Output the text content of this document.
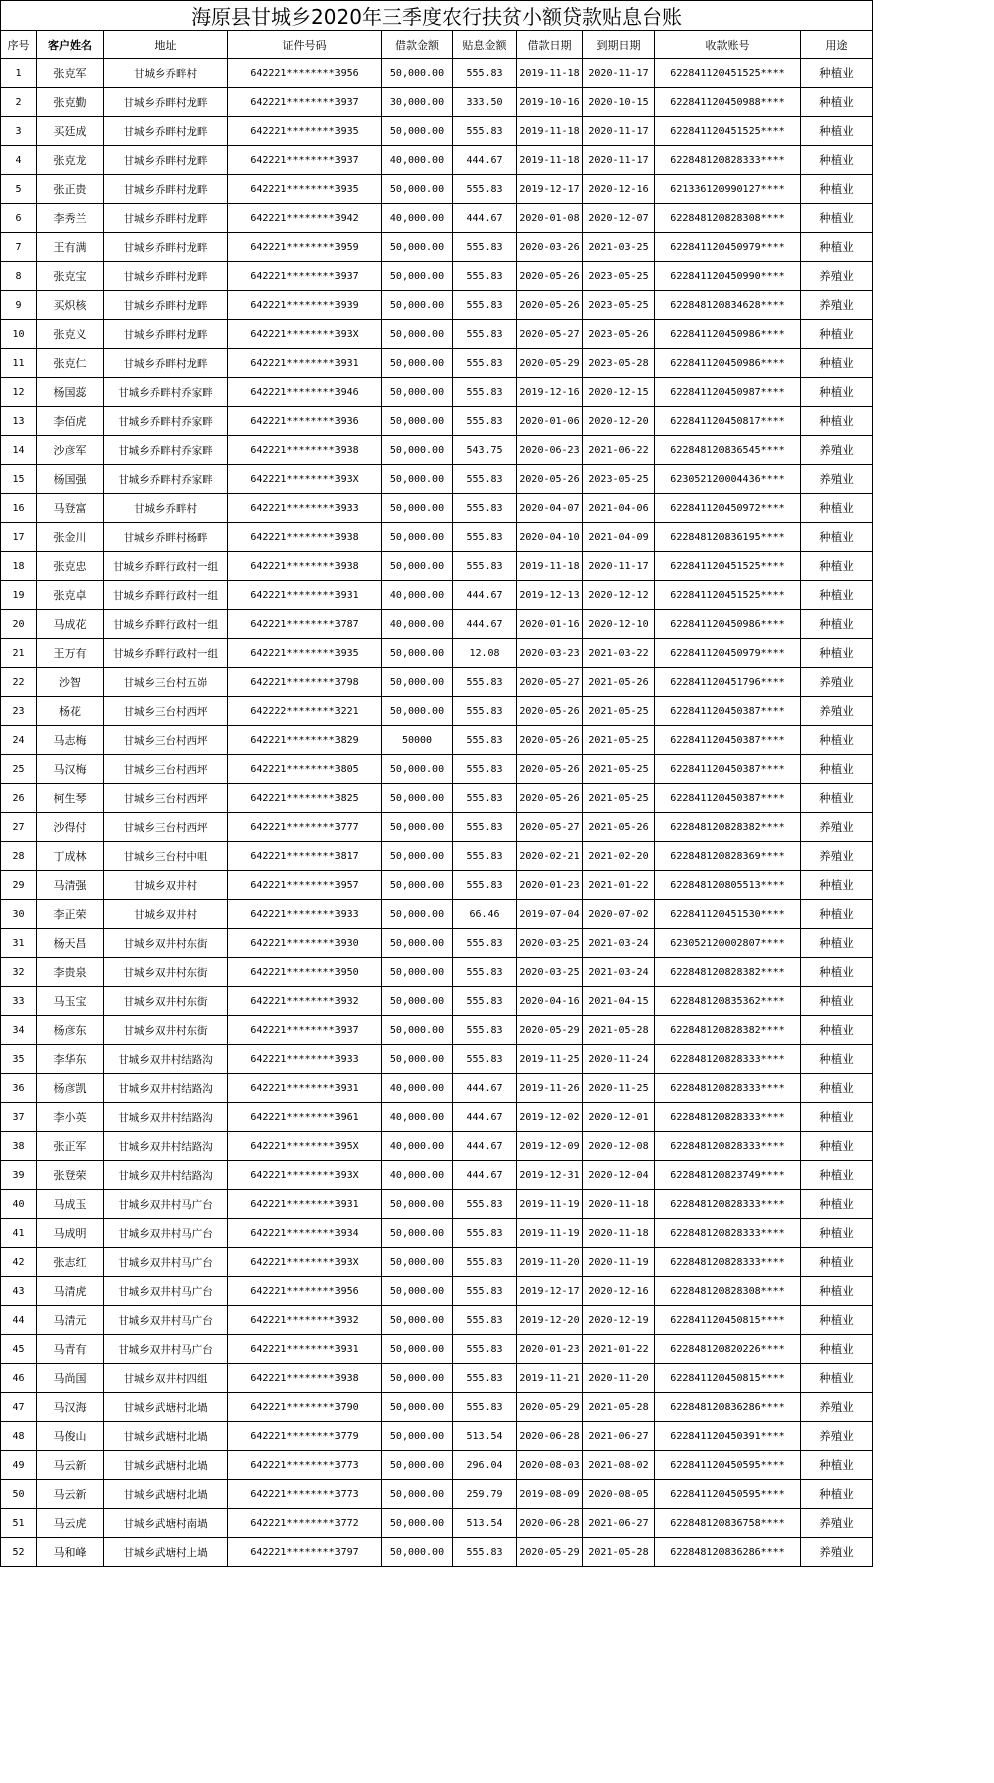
海原县甘城乡2020年三季度农行扶贫小额贷款贴息台账									
序号	客户姓名	地址	证件号码	借款金额	贴息金额	借款日期	到期日期	收款账号	用途
1	张克军	甘城乡乔畔村	642221********3956	50,000.00	555.83	2019-11-18	2020-11-17	622841120451525****	种植业
2	张克勤	甘城乡乔畔村龙畔	642221********3937	30,000.00	333.50	2019-10-16	2020-10-15	622841120450988****	种植业
3	买廷成	甘城乡乔畔村龙畔	642221********3935	50,000.00	555.83	2019-11-18	2020-11-17	622841120451525****	种植业
4	张克龙	甘城乡乔畔村龙畔	642221********3937	40,000.00	444.67	2019-11-18	2020-11-17	622848120828333****	种植业
5	张正贵	甘城乡乔畔村龙畔	642221********3935	50,000.00	555.83	2019-12-17	2020-12-16	621336120990127****	种植业
6	李秀兰	甘城乡乔畔村龙畔	642221********3942	40,000.00	444.67	2020-01-08	2020-12-07	622848120828308****	种植业
7	王有满	甘城乡乔畔村龙畔	642221********3959	50,000.00	555.83	2020-03-26	2021-03-25	622841120450979****	种植业
8	张克宝	甘城乡乔畔村龙畔	642221********3937	50,000.00	555.83	2020-05-26	2023-05-25	622841120450990****	养殖业
9	买炽核	甘城乡乔畔村龙畔	642221********3939	50,000.00	555.83	2020-05-26	2023-05-25	622848120834628****	养殖业
10	张克义	甘城乡乔畔村龙畔	642221********393X	50,000.00	555.83	2020-05-27	2023-05-26	622841120450986****	种植业
11	张克仁	甘城乡乔畔村龙畔	642221********3931	50,000.00	555.83	2020-05-29	2023-05-28	622841120450986****	种植业
12	杨国蕊	甘城乡乔畔村乔家畔	642221********3946	50,000.00	555.83	2019-12-16	2020-12-15	622841120450987****	种植业
13	李佰虎	甘城乡乔畔村乔家畔	642221********3936	50,000.00	555.83	2020-01-06	2020-12-20	622841120450817****	种植业
14	沙彦军	甘城乡乔畔村乔家畔	642221********3938	50,000.00	543.75	2020-06-23	2021-06-22	622848120836545****	养殖业
15	杨国强	甘城乡乔畔村乔家畔	642221********393X	50,000.00	555.83	2020-05-26	2023-05-25	623052120004436****	养殖业
16	马登富	甘城乡乔畔村	642221********3933	50,000.00	555.83	2020-04-07	2021-04-06	622841120450972****	种植业
17	张金川	甘城乡乔畔村杨畔	642221********3938	50,000.00	555.83	2020-04-10	2021-04-09	622848120836195****	种植业
18	张克忠	甘城乡乔畔行政村一组	642221********3938	50,000.00	555.83	2019-11-18	2020-11-17	622841120451525****	种植业
19	张克卓	甘城乡乔畔行政村一组	642221********3931	40,000.00	444.67	2019-12-13	2020-12-12	622841120451525****	种植业
20	马成花	甘城乡乔畔行政村一组	642221********3787	40,000.00	444.67	2020-01-16	2020-12-10	622841120450986****	种植业
21	王万有	甘城乡乔畔行政村一组	642221********3935	50,000.00	12.08	2020-03-23	2021-03-22	622841120450979****	种植业
22	沙智	甘城乡三台村五峁	642221********3798	50,000.00	555.83	2020-05-27	2021-05-26	622841120451796****	养殖业
23	杨花	甘城乡三台村西坪	642222********3221	50,000.00	555.83	2020-05-26	2021-05-25	622841120450387****	养殖业
24	马志梅	甘城乡三台村西坪	642221********3829	50000	555.83	2020-05-26	2021-05-25	622841120450387****	种植业
25	马汉梅	甘城乡三台村西坪	642221********3805	50,000.00	555.83	2020-05-26	2021-05-25	622841120450387****	种植业
26	柯生琴	甘城乡三台村西坪	642221********3825	50,000.00	555.83	2020-05-26	2021-05-25	622841120450387****	种植业
27	沙得付	甘城乡三台村西坪	642221********3777	50,000.00	555.83	2020-05-27	2021-05-26	622848120828382****	养殖业
28	丁成林	甘城乡三台村中咀	642221********3817	50,000.00	555.83	2020-02-21	2021-02-20	622848120828369****	养殖业
29	马清强	甘城乡双井村	642221********3957	50,000.00	555.83	2020-01-23	2021-01-22	622848120805513****	种植业
30	李正荣	甘城乡双井村	642221********3933	50,000.00	66.46	2019-07-04	2020-07-02	622841120451530****	种植业
31	杨天昌	甘城乡双井村东街	642221********3930	50,000.00	555.83	2020-03-25	2021-03-24	623052120002807****	种植业
32	李贵泉	甘城乡双井村东街	642221********3950	50,000.00	555.83	2020-03-25	2021-03-24	622848120828382****	种植业
33	马玉宝	甘城乡双井村东街	642221********3932	50,000.00	555.83	2020-04-16	2021-04-15	622848120835362****	种植业
34	杨彦东	甘城乡双井村东街	642221********3937	50,000.00	555.83	2020-05-29	2021-05-28	622848120828382****	种植业
35	李华东	甘城乡双井村结路沟	642221********3933	50,000.00	555.83	2019-11-25	2020-11-24	622848120828333****	种植业
36	杨彦凯	甘城乡双井村结路沟	642221********3931	40,000.00	444.67	2019-11-26	2020-11-25	622848120828333****	种植业
37	李小英	甘城乡双井村结路沟	642221********3961	40,000.00	444.67	2019-12-02	2020-12-01	622848120828333****	种植业
38	张正军	甘城乡双井村结路沟	642221********395X	40,000.00	444.67	2019-12-09	2020-12-08	622848120828333****	种植业
39	张登荣	甘城乡双井村结路沟	642221********393X	40,000.00	444.67	2019-12-31	2020-12-04	622848120823749****	种植业
40	马成玉	甘城乡双井村马广台	642221********3931	50,000.00	555.83	2019-11-19	2020-11-18	622848120828333****	种植业
41	马成明	甘城乡双井村马广台	642221********3934	50,000.00	555.83	2019-11-19	2020-11-18	622848120828333****	种植业
42	张志红	甘城乡双井村马广台	642221********393X	50,000.00	555.83	2019-11-20	2020-11-19	622848120828333****	种植业
43	马清虎	甘城乡双井村马广台	642221********3956	50,000.00	555.83	2019-12-17	2020-12-16	622848120828308****	种植业
44	马清元	甘城乡双井村马广台	642221********3932	50,000.00	555.83	2019-12-20	2020-12-19	622841120450815****	种植业
45	马青有	甘城乡双井村马广台	642221********3931	50,000.00	555.83	2020-01-23	2021-01-22	622848120820226****	种植业
46	马尚国	甘城乡双井村四组	642221********3938	50,000.00	555.83	2019-11-21	2020-11-20	622841120450815****	种植业
47	马汉海	甘城乡武塘村北堝	642221********3790	50,000.00	555.83	2020-05-29	2021-05-28	622848120836286****	养殖业
48	马俊山	甘城乡武塘村北堝	642221********3779	50,000.00	513.54	2020-06-28	2021-06-27	622841120450391****	养殖业
49	马云新	甘城乡武塘村北堝	642221********3773	50,000.00	296.04	2020-08-03	2021-08-02	622841120450595****	种植业
50	马云新	甘城乡武塘村北堝	642221********3773	50,000.00	259.79	2019-08-09	2020-08-05	622841120450595****	种植业
51	马云虎	甘城乡武塘村南堝	642221********3772	50,000.00	513.54	2020-06-28	2021-06-27	622848120836758****	养殖业
52	马和峰	甘城乡武塘村上堝	642221********3797	50,000.00	555.83	2020-05-29	2021-05-28	622848120836286****	养殖业
